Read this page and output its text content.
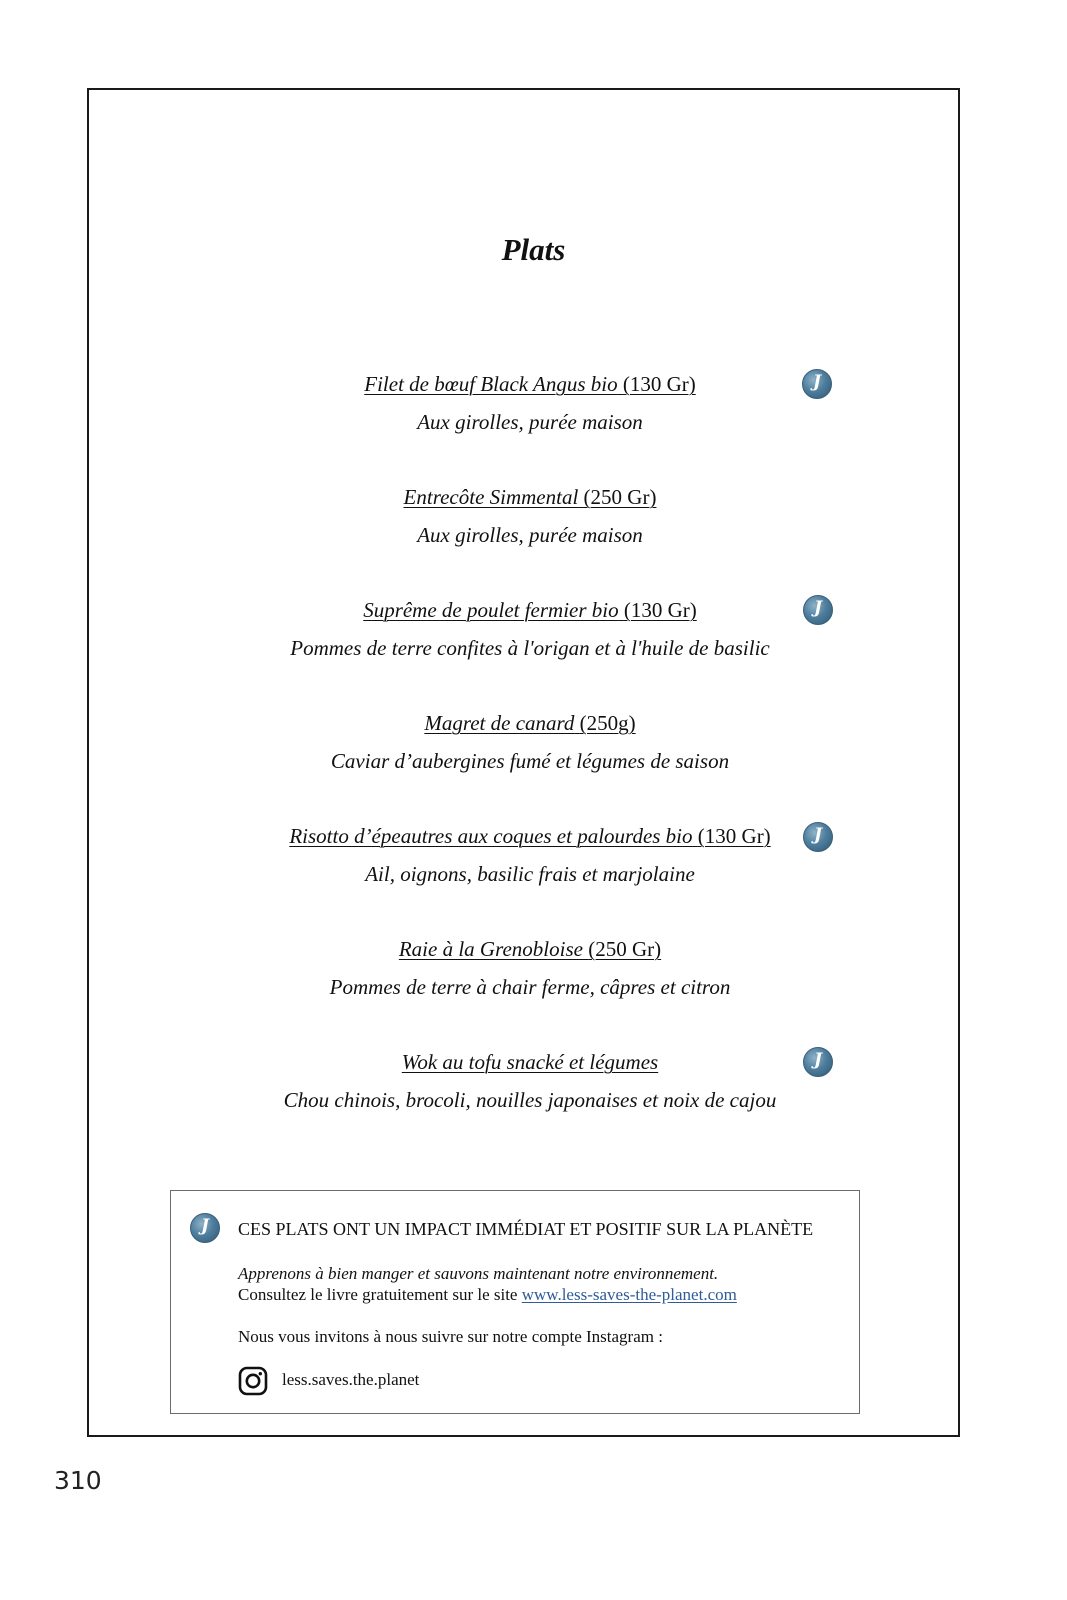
Plats
Filet de bœuf Black Angus bio (130 Gr)
Aux girolles, purée maison
J
Entrecôte Simmental (250 Gr)
Aux girolles, purée maison
Suprême de poulet fermier bio (130 Gr)
Pommes de terre confites à l'origan et à l'huile de basilic
J
Magret de canard (250g)
Caviar d’aubergines fumé et légumes de saison
Risotto d’épeautres aux coques et palourdes bio (130 Gr)
Ail, oignons, basilic frais et marjolaine
J
Raie à la Grenobloise (250 Gr)
Pommes de terre à chair ferme, câpres et citron
Wok au tofu snacké et légumes
Chou chinois, brocoli, nouilles japonaises et noix de cajou
J
J
CES PLATS ONT UN IMPACT IMMÉDIAT ET POSITIF SUR LA PLANÈTE
Apprenons à bien manger et sauvons maintenant notre environnement.
Consultez le livre gratuitement sur le site www.less-saves-the-planet.com
Nous vous invitons à nous suivre sur notre compte Instagram :
less.saves.the.planet
310
